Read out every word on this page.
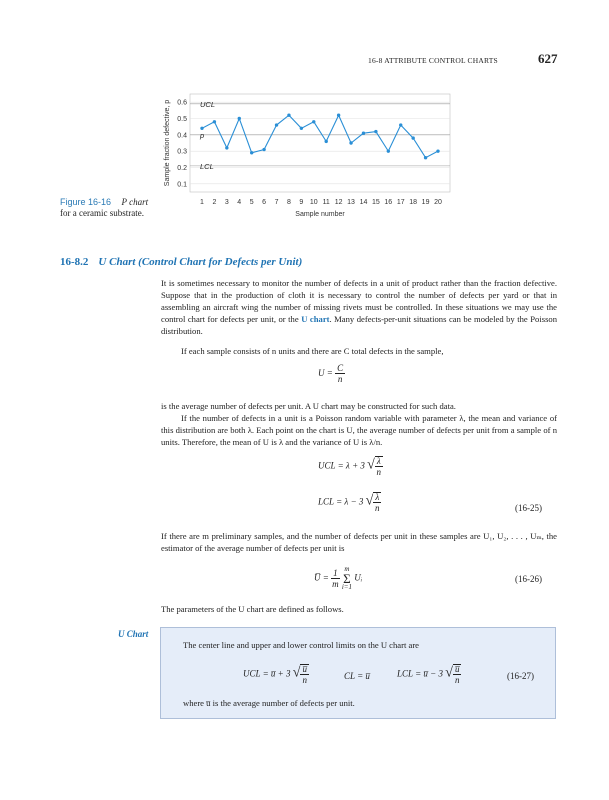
16-8 ATTRIBUTE CONTROL CHARTS	627
0.1
0.2
0.3
0.4
0.5
0.6
1 2 3 4 5 6 7 8 9 10 11 12 13 14 15 16 17 18 19 20
UCL
p
LCL
Sample number
Sample fraction defective, p
Figure 16-16 P chart
for a ceramic substrate.
16-8.2 U Chart (Control Chart for Defects per Unit)
It is sometimes necessary to monitor the number of defects in a unit of product rather than the fraction defective. Suppose that in the production of cloth it is necessary to control the number of defects per yard or that in assembling an aircraft wing the number of missing rivets must be controlled. In these situations we may use the control chart for defects per unit, or the U chart. Many defects-per-unit situations can be modeled by the Poisson distribution.
If each sample consists of n units and there are C total defects in the sample,
$U = \frac{C}{n}$
is the average number of defects per unit. A U chart may be constructed for such data.
If the number of defects in a unit is a Poisson random variable with parameter λ, the mean and variance of this distribution are both λ. Each point on the chart is U, the average number of defects per unit from a sample of n units. Therefore, the mean of U is λ and the variance of U is λ/n.
UCL = λ + 3 √ $\frac{\lambda}{n}$
LCL = λ − 3 √ $\frac{\lambda}{n}$	(16-25)
If there are m preliminary samples, and the number of defects per unit in these samples are U₁, U₂, . . . , Uₘ, the estimator of the average number of defects per unit is
U̅ = $\frac{1}{m}$
m
Σ
i=1
Uᵢ	(16-26)
The parameters of the U chart are defined as follows.
U Chart
The center line and upper and lower control limits on the U chart are
UCL = u̅ + 3 √ $\frac{u̅}{n}$	CL = u̅	LCL = u̅ − 3 √ $\frac{u̅}{n}$	(16-27)
where u̅ is the average number of defects per unit.
